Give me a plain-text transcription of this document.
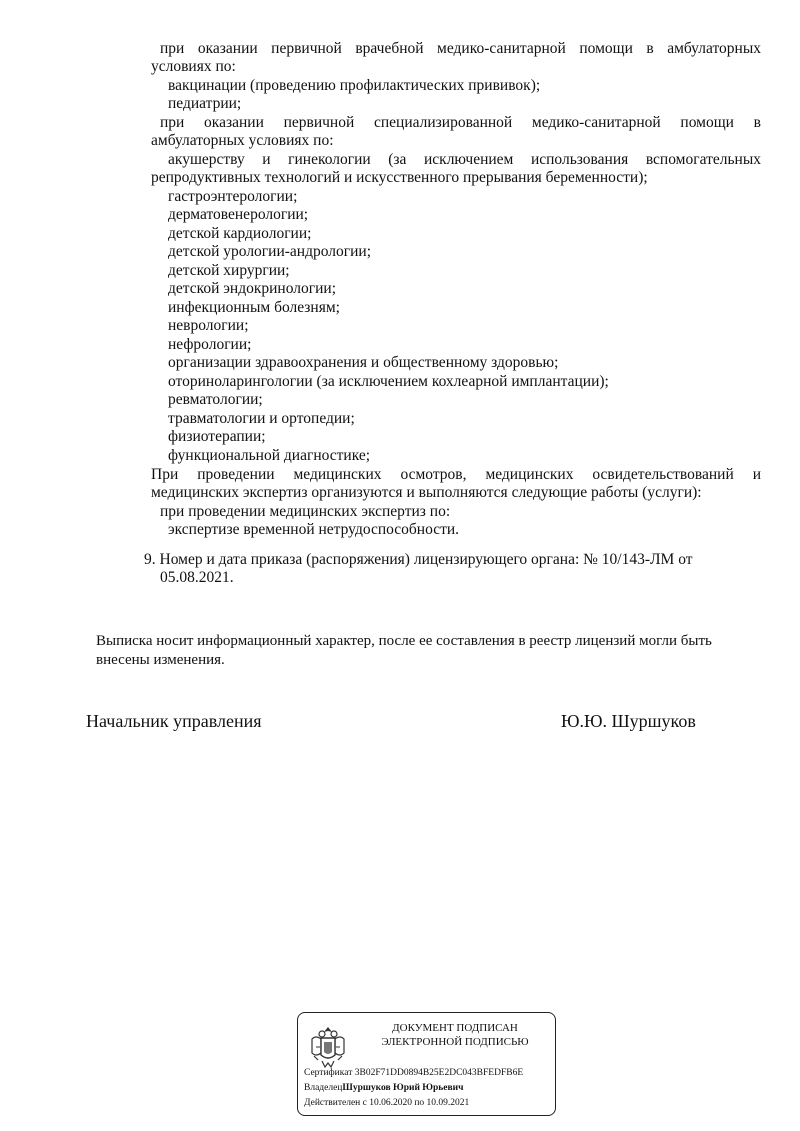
при оказании первичной врачебной медико-санитарной помощи в амбулаторных
условиях по:
вакцинации (проведению профилактических прививок);
педиатрии;
при оказании первичной специализированной медико-санитарной помощи в
амбулаторных условиях по:
акушерству и гинекологии (за исключением использования вспомогательных
репродуктивных технологий и искусственного прерывания беременности);
гастроэнтерологии;
дерматовенерологии;
детской кардиологии;
детской урологии-андрологии;
детской хирургии;
детской эндокринологии;
инфекционным болезням;
неврологии;
нефрологии;
организации здравоохранения и общественному здоровью;
оториноларингологии (за исключением кохлеарной имплантации);
ревматологии;
травматологии и ортопедии;
физиотерапии;
функциональной диагностике;
При проведении медицинских осмотров, медицинских освидетельствований и
медицинских экспертиз организуются и выполняются следующие работы (услуги):
при проведении медицинских экспертиз по:
экспертизе временной нетрудоспособности.
9. Номер и дата приказа (распоряжения) лицензирующего органа: № 10/143-ЛМ от
05.08.2021.
Выписка носит информационный характер, после ее составления в реестр лицензий могли быть
внесены изменения.
Начальник управления	Ю.Ю. Шуршуков
ДОКУМЕНТ ПОДПИСАН
ЭЛЕКТРОННОЙ ПОДПИСЬЮ
Сертификат 3B02F71DD0894B25E2DC043BFEDFB6E
ВладелецШуршуков Юрий Юрьевич
Действителен с 10.06.2020 по 10.09.2021
